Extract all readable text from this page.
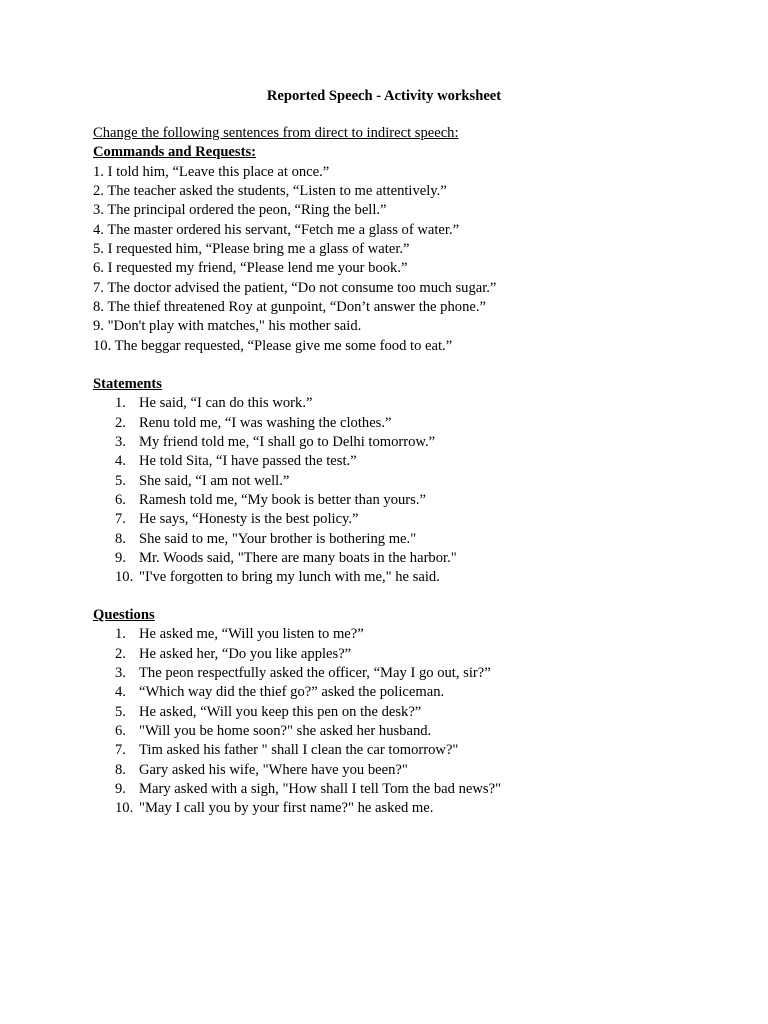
Reported Speech - Activity worksheet
Change the following sentences from direct to indirect speech:
Commands and Requests:
1. I told him, “Leave this place at once.”
2. The teacher asked the students, “Listen to me attentively.”
3. The principal ordered the peon, “Ring the bell.”
4. The master ordered his servant, “Fetch me a glass of water.”
5. I requested him, “Please bring me a glass of water.”
6. I requested my friend, “Please lend me your book.”
7. The doctor advised the patient, “Do not consume too much sugar.”
8. The thief threatened Roy at gunpoint, “Don’t answer the phone.”
9. "Don't play with matches," his mother said.
10. The beggar requested, “Please give me some food to eat.”
Statements
1. He said, “I can do this work.”
2. Renu told me, “I was washing the clothes.”
3. My friend told me, “I shall go to Delhi tomorrow.”
4. He told Sita, “I have passed the test.”
5. She said, “I am not well.”
6. Ramesh told me, “My book is better than yours.”
7. He says, “Honesty is the best policy.”
8. She said to me, "Your brother is bothering me."
9. Mr. Woods said, "There are many boats in the harbor."
10. "I've forgotten to bring my lunch with me," he said.
Questions
1. He asked me, “Will you listen to me?”
2. He asked her, “Do you like apples?”
3. The peon respectfully asked the officer, “May I go out, sir?”
4. “Which way did the thief go?” asked the policeman.
5. He asked, “Will you keep this pen on the desk?”
6. "Will you be home soon?" she asked her husband.
7. Tim asked his father " shall I clean the car tomorrow?"
8. Gary asked his wife, "Where have you been?"
9. Mary asked with a sigh, "How shall I tell Tom the bad news?"
10. "May I call you by your first name?" he asked me.
